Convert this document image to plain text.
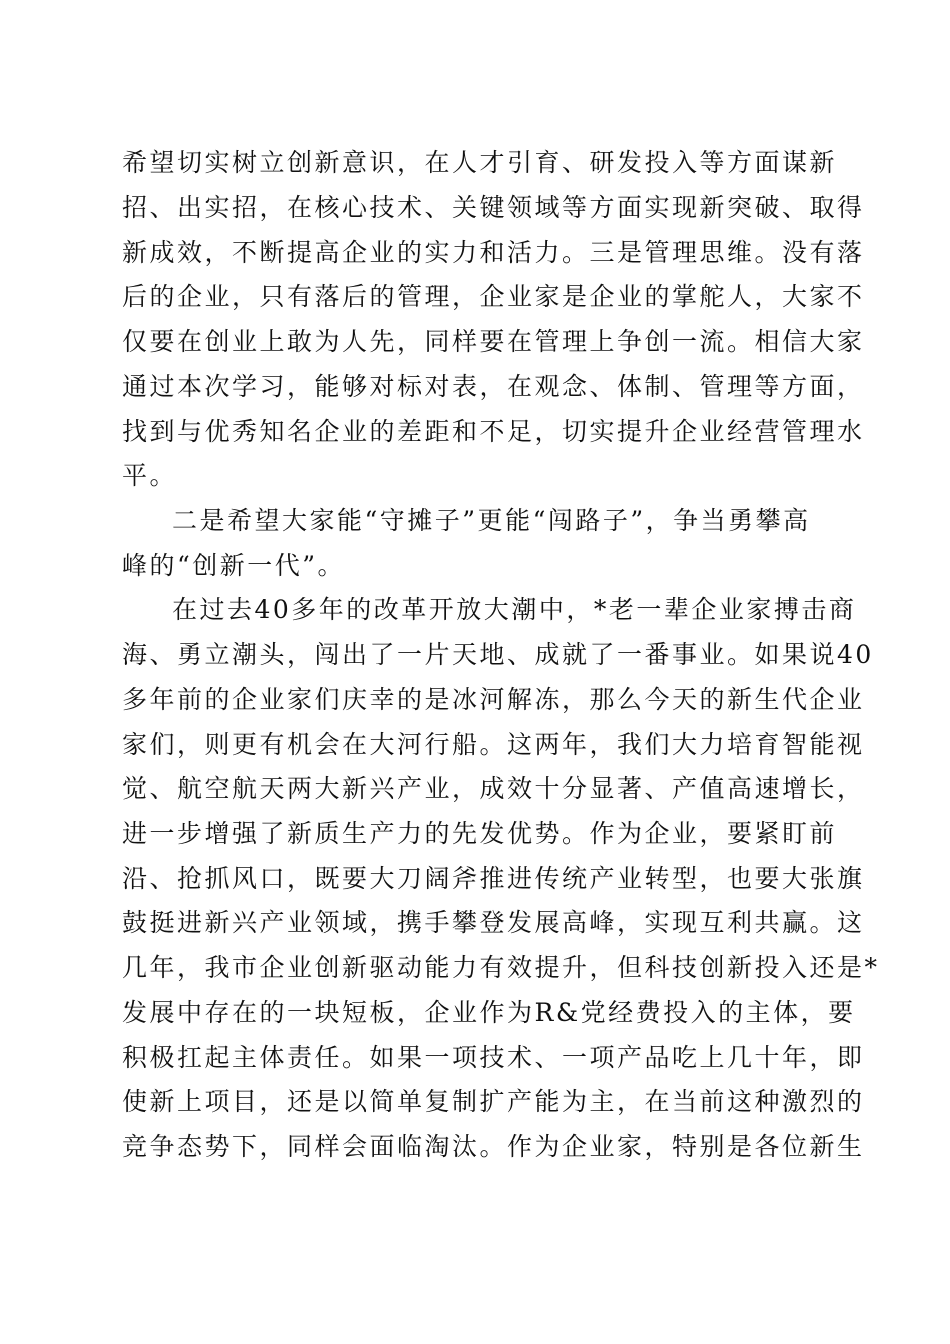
希望切实树立创新意识，在人才引育、研发投入等方面谋新
招、出实招，在核心技术、关键领域等方面实现新突破、取得
新成效，不断提高企业的实力和活力。三是管理思维。没有落
后的企业，只有落后的管理，企业家是企业的掌舵人，大家不
仅要在创业上敢为人先，同样要在管理上争创一流。相信大家
通过本次学习，能够对标对表，在观念、体制、管理等方面，
找到与优秀知名企业的差距和不足，切实提升企业经营管理水
平。
二是希望大家能“守摊子”更能“闯路子”，争当勇攀高
峰的“创新一代”。
在过去40多年的改革开放大潮中，*老一辈企业家搏击商
海、勇立潮头，闯出了一片天地、成就了一番事业。如果说40
多年前的企业家们庆幸的是冰河解冻，那么今天的新生代企业
家们，则更有机会在大河行船。这两年，我们大力培育智能视
觉、航空航天两大新兴产业，成效十分显著、产值高速增长，
进一步增强了新质生产力的先发优势。作为企业，要紧盯前
沿、抢抓风口，既要大刀阔斧推进传统产业转型，也要大张旗
鼓挺进新兴产业领域，携手攀登发展高峰，实现互利共赢。这
几年，我市企业创新驱动能力有效提升，但科技创新投入还是*
发展中存在的一块短板，企业作为R&党经费投入的主体，要
积极扛起主体责任。如果一项技术、一项产品吃上几十年，即
使新上项目，还是以简单复制扩产能为主，在当前这种激烈的
竞争态势下，同样会面临淘汰。作为企业家，特别是各位新生
